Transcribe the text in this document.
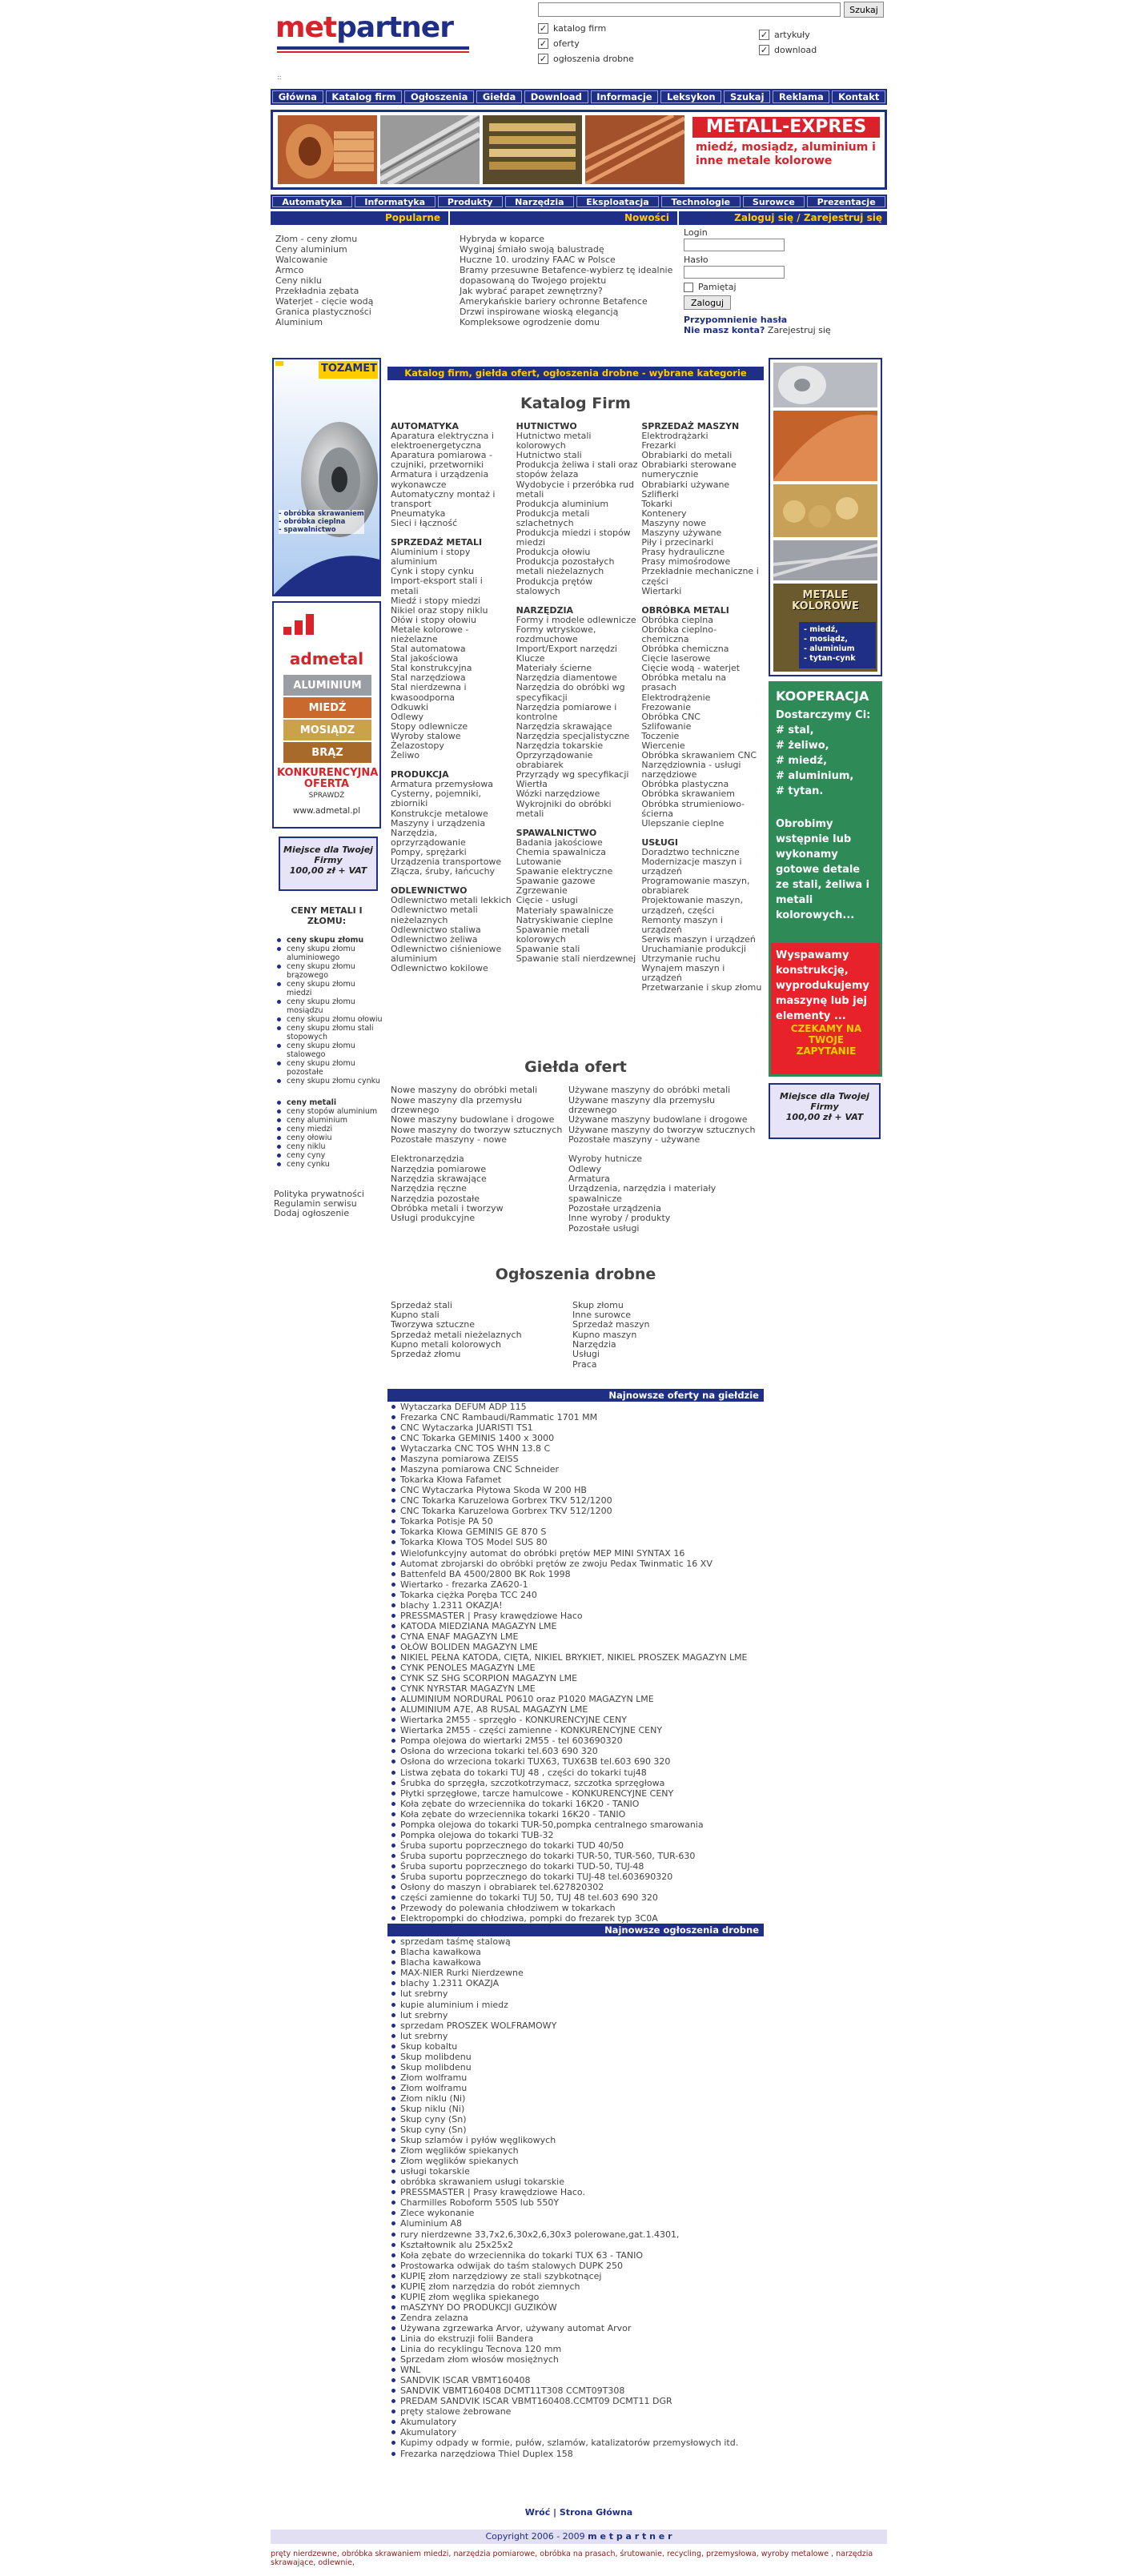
metpartner
Szukaj
✓ katalog firm
✓ oferty
✓ ogłoszenia drobne
✓ artykuły
✓ download
::
Główna	Katalog firm	Ogłoszenia	Giełda	Download	Informacje	Leksykon	Szukaj	Reklama	Kontakt
METALL-EXPRES
miedź, mosiądz, aluminium i inne metale kolorowe
Automatyka	Informatyka	Produkty	Narzędzia	Eksploatacja	Technologie	Surowce	Prezentacje
Popularne	Nowości	Zaloguj się / Zarejestruj się
Złom - ceny złomu
Ceny aluminium
Walcowanie
Armco
Ceny niklu
Przekładnia zębata
Waterjet - cięcie wodą
Granica plastyczności
Aluminium
Hybryda w koparce
Wyginaj śmiało swoją balustradę
Huczne 10. urodziny FAAC w Polsce
Bramy przesuwne Betafence-wybierz tę idealnie dopasowaną do Twojego projektu
Jak wybrać parapet zewnętrzny?
Amerykańskie bariery ochronne Betafence
Drzwi inspirowane wioską elegancją
Kompleksowe ogrodzenie domu
Login
Hasło
Pamiętaj
Zaloguj
Przypomnienie hasła
Nie masz konta? Zarejestruj się
TOZAMET
- obróbka skrawaniem
- obróbka cieplna
- spawalnictwo
admetal
ALUMINIUM
MIEDŹ
MOSIĄDZ
BRĄZ
KONKURENCYJNA OFERTA
SPRAWDŹ
www.admetal.pl
Miejsce dla Twojej
Firmy
100,00 zł + VAT
CENY METALI I ZŁOMU:
ceny skupu złomu
ceny skupu złomu aluminiowego
ceny skupu złomu brązowego
ceny skupu złomu miedzi
ceny skupu złomu mosiądzu
ceny skupu złomu ołowiu
ceny skupu złomu stali stopowych
ceny skupu złomu stalowego
ceny skupu złomu pozostałe
ceny skupu złomu cynku
ceny metali
ceny stopów aluminium
ceny aluminium
ceny miedzi
ceny ołowiu
ceny niklu
ceny cyny
ceny cynku
Polityka prywatności
Regulamin serwisu
Dodaj ogłoszenie
Katalog firm, giełda ofert, ogłoszenia drobne - wybrane kategorie
Katalog Firm
AUTOMATYKA
Aparatura elektryczna i elektroenergetyczna
Aparatura pomiarowa - czujniki, przetworniki
Armatura i urządzenia wykonawcze
Automatyczny montaż i transport
Pneumatyka
Sieci i łączność
SPRZEDAŻ METALI
Aluminium i stopy aluminium
Cynk i stopy cynku
Import-eksport stali i metali
Miedź i stopy miedzi
Nikiel oraz stopy niklu
Ołów i stopy ołowiu
Metale kolorowe - nieżelazne
Stal automatowa
Stal jakościowa
Stal konstrukcyjna
Stal narzędziowa
Stal nierdzewna i kwasoodporna
Odkuwki
Odlewy
Stopy odlewnicze
Wyroby stalowe
Żelazostopy
Żeliwo
PRODUKCJA
Armatura przemysłowa
Cysterny, pojemniki, zbiorniki
Konstrukcje metalowe
Maszyny i urządzenia
Narzędzia, oprzyrządowanie
Pompy, sprężarki
Urządzenia transportowe
Złącza, śruby, łańcuchy
ODLEWNICTWO
Odlewnictwo metali lekkich
Odlewnictwo metali nieżelaznych
Odlewnictwo staliwa
Odlewnictwo żeliwa
Odlewnictwo ciśnieniowe aluminium
Odlewnictwo kokilowe
HUTNICTWO
Hutnictwo metali kolorowych
Hutnictwo stali
Produkcja żeliwa i stali oraz stopów żelaza
Wydobycie i przeróbka rud metali
Produkcja aluminium
Produkcja metali szlachetnych
Produkcja miedzi i stopów miedzi
Produkcja ołowiu
Produkcja pozostałych metali nieżelaznych
Produkcja prętów stalowych
NARZĘDZIA
Formy i modele odlewnicze
Formy wtryskowe, rozdmuchowe
Import/Export narzędzi
Klucze
Materiały ścierne
Narzędzia diamentowe
Narzędzia do obróbki wg specyfikacji
Narzędzia pomiarowe i kontrolne
Narzędzia skrawające
Narzędzia specjalistyczne
Narzędzia tokarskie
Oprzyrządowanie obrabiarek
Przyrządy wg specyfikacji
Wiertła
Wózki narzędziowe
Wykrojniki do obróbki metali
SPAWALNICTWO
Badania jakościowe
Chemia spawalnicza
Lutowanie
Spawanie elektryczne
Spawanie gazowe
Zgrzewanie
Cięcie - usługi
Materiały spawalnicze
Natryskiwanie cieplne
Spawanie metali kolorowych
Spawanie stali
Spawanie stali nierdzewnej
SPRZEDAŻ MASZYN
Elektrodrążarki
Frezarki
Obrabiarki do metali
Obrabiarki sterowane numerycznie
Obrabiarki używane
Szlifierki
Tokarki
Kontenery
Maszyny nowe
Maszyny używane
Piły i przecinarki
Prasy hydrauliczne
Prasy mimośrodowe
Przekładnie mechaniczne i części
Wiertarki
OBRÓBKA METALI
Obróbka cieplna
Obróbka cieplno-chemiczna
Obróbka chemiczna
Cięcie laserowe
Cięcie wodą - waterjet
Obróbka metalu na prasach
Elektrodrążenie
Frezowanie
Obróbka CNC
Szlifowanie
Toczenie
Wiercenie
Obróbka skrawaniem CNC
Narzędziownia - usługi narzędziowe
Obróbka plastyczna
Obróbka skrawaniem
Obróbka strumieniowo-ścierna
Ulepszanie cieplne
USŁUGI
Doradztwo techniczne
Modernizacje maszyn i urządzeń
Programowanie maszyn, obrabiarek
Projektowanie maszyn, urządzeń, części
Remonty maszyn i urządzeń
Serwis maszyn i urządzeń
Uruchamianie produkcji
Utrzymanie ruchu
Wynajem maszyn i urządzeń
Przetwarzanie i skup złomu
Giełda ofert
Nowe maszyny do obróbki metali
Nowe maszyny dla przemysłu drzewnego
Nowe maszyny budowlane i drogowe
Nowe maszyny do tworzyw sztucznych
Pozostałe maszyny - nowe
Elektronarzędzia
Narzędzia pomiarowe
Narzędzia skrawające
Narzędzia ręczne
Narzędzia pozostałe
Obróbka metali i tworzyw
Usługi produkcyjne
Używane maszyny do obróbki metali
Używane maszyny dla przemysłu drzewnego
Używane maszyny budowlane i drogowe
Używane maszyny do tworzyw sztucznych
Pozostałe maszyny - używane
Wyroby hutnicze
Odlewy
Armatura
Urządzenia, narzędzia i materiały spawalnicze
Pozostałe urządzenia
Inne wyroby / produkty
Pozostałe usługi
Ogłoszenia drobne
Sprzedaż stali
Kupno stali
Tworzywa sztuczne
Sprzedaż metali nieżelaznych
Kupno metali kolorowych
Sprzedaż złomu
Skup złomu
Inne surowce
Sprzedaż maszyn
Kupno maszyn
Narzędzia
Usługi
Praca
Najnowsze oferty na giełdzie
Wytaczarka DEFUM ADP 115
Frezarka CNC Rambaudi/Rammatic 1701 MM
CNC Wytaczarka JUARISTI TS1
CNC Tokarka GEMINIS 1400 x 3000
Wytaczarka CNC TOS WHN 13.8 C
Maszyna pomiarowa ZEISS
Maszyna pomiarowa CNC Schneider
Tokarka Kłowa Fafamet
CNC Wytaczarka Płytowa Skoda W 200 HB
CNC Tokarka Karuzelowa Gorbrex TKV 512/1200
CNC Tokarka Karuzelowa Gorbrex TKV 512/1200
Tokarka Potisje PA 50
Tokarka Kłowa GEMINIS GE 870 S
Tokarka Kłowa TOS Model SUS 80
Wielofunkcyjny automat do obróbki prętów MEP MINI SYNTAX 16
Automat zbrojarski do obróbki prętów ze zwoju Pedax Twinmatic 16 XV
Battenfeld BA 4500/2800 BK Rok 1998
Wiertarko - frezarka ZA620-1
Tokarka ciężka Poręba TCC 240
blachy 1.2311 OKAZJA!
PRESSMASTER | Prasy krawędziowe Haco
KATODA MIEDZIANA MAGAZYN LME
CYNA ENAF MAGAZYN LME
OŁÓW BOLIDEN MAGAZYN LME
NIKIEL PEŁNA KATODA, CIĘTA, NIKIEL BRYKIET, NIKIEL PROSZEK MAGAZYN LME
CYNK PENOLES MAGAZYN LME
CYNK SZ SHG SCORPION MAGAZYN LME
CYNK NYRSTAR MAGAZYN LME
ALUMINIUM NORDURAL P0610 oraz P1020 MAGAZYN LME
ALUMINIUM A7E, A8 RUSAL MAGAZYN LME
Wiertarka 2M55 - sprzęgło - KONKURENCYJNE CENY
Wiertarka 2M55 - części zamienne - KONKURENCYJNE CENY
Pompa olejowa do wiertarki 2M55 - tel 603690320
Osłona do wrzeciona tokarki tel.603 690 320
Osłona do wrzeciona tokarki TUX63, TUX63B tel.603 690 320
Listwa zębata do tokarki TUJ 48 , części do tokarki tuj48
Śrubka do sprzęgła, szczotkotrzymacz, szczotka sprzęgłowa
Płytki sprzęgłowe, tarcze hamulcowe - KONKURENCYJNE CENY
Koła zębate do wrzeciennika do tokarki 16K20 - TANIO
Koła zębate do wrzeciennika tokarki 16K20 - TANIO
Pompka olejowa do tokarki TUR-50,pompka centralnego smarowania
Pompka olejowa do tokarki TUB-32
Śruba suportu poprzecznego do tokarki TUD 40/50
Śruba suportu poprzecznego do tokarki TUR-50, TUR-560, TUR-630
Śruba suportu poprzecznego do tokarki TUD-50, TUJ-48
Śruba suportu poprzecznego do tokarki TUJ-48 tel.603690320
Osłony do maszyn i obrabiarek tel.627820302
części zamienne do tokarki TUJ 50, TUJ 48 tel.603 690 320
Przewody do polewania chłodziwem w tokarkach
Elektropompki do chłodziwa, pompki do frezarek typ 3C0A
Najnowsze ogłoszenia drobne
sprzedam taśmę stalową
Blacha kawałkowa
Blacha kawałkowa
MAX-NIER Rurki Nierdzewne
blachy 1.2311 OKAZJA
lut srebrny
kupie aluminium i miedz
lut srebrny
sprzedam PROSZEK WOLFRAMOWY
lut srebrny
Skup kobaltu
Skup molibdenu
Skup molibdenu
Złom wolframu
Złom wolframu
Złom niklu (Ni)
Skup niklu (Ni)
Skup cyny (Sn)
Skup cyny (Sn)
Skup szlamów i pyłów węglikowych
Złom węglików spiekanych
Złom węglików spiekanych
usługi tokarskie
obróbka skrawaniem usługi tokarskie
PRESSMASTER | Prasy krawędziowe Haco.
Charmilles Roboform 550S lub 550Y
Zlece wykonanie
Aluminium A8
rury nierdzewne 33,7x2,6,30x2,6,30x3 polerowane,gat.1.4301,
Kształtownik alu 25x25x2
Koła zębate do wrzeciennika do tokarki TUX 63 - TANIO
Prostowarka odwijak do taśm stalowych DUPK 250
KUPIĘ złom narzędziowy ze stali szybkotnącej
KUPIĘ złom narzędzia do robót ziemnych
KUPIĘ złom węglika spiekanego
mASZYNY DO PRODUKCJI GUZIKÓW
Zendra zelazna
Używana zgrzewarka Arvor, używany automat Arvor
Linia do ekstruzji folii Bandera
Linia do recyklingu Tecnova 120 mm
Sprzedam złom włosów mosiężnych
WNL
SANDVIK ISCAR VBMT160408
SANDVIK VBMT160408 DCMT11T308 CCMT09T308
PREDAM SANDVIK ISCAR VBMT160408.CCMT09 DCMT11 DGR
pręty stalowe żebrowane
Akumulatory
Akumulatory
Kupimy odpady w formie, pułów, szlamów, katalizatorów przemysłowych itd.
Frezarka narzędziowa Thiel Duplex 158
METALE KOLOROWE
- miedź,
- mosiądz,
- aluminium
- tytan-cynk
KOOPERACJA
Dostarczymy Ci:
# stal,
# żeliwo,
# miedź,
# aluminium,
# tytan.
Obrobimy wstępnie lub wykonamy gotowe detale ze stali, żeliwa i metali kolorowych...
Wyspawamy konstrukcję, wyprodukujemy maszynę lub jej elementy ...
CZEKAMY NA TWOJE ZAPYTANIE
Miejsce dla Twojej
Firmy
100,00 zł + VAT
Wróć | Strona Główna
Copyright 2006 - 2009 m e t p a r t n e r
pręty nierdzewne, obróbka skrawaniem miedzi, narzędzia pomiarowe, obróbka na prasach, śrutowanie, recycling, przemysłowa, wyroby metalowe , narzędzia skrawające, odlewnie,
